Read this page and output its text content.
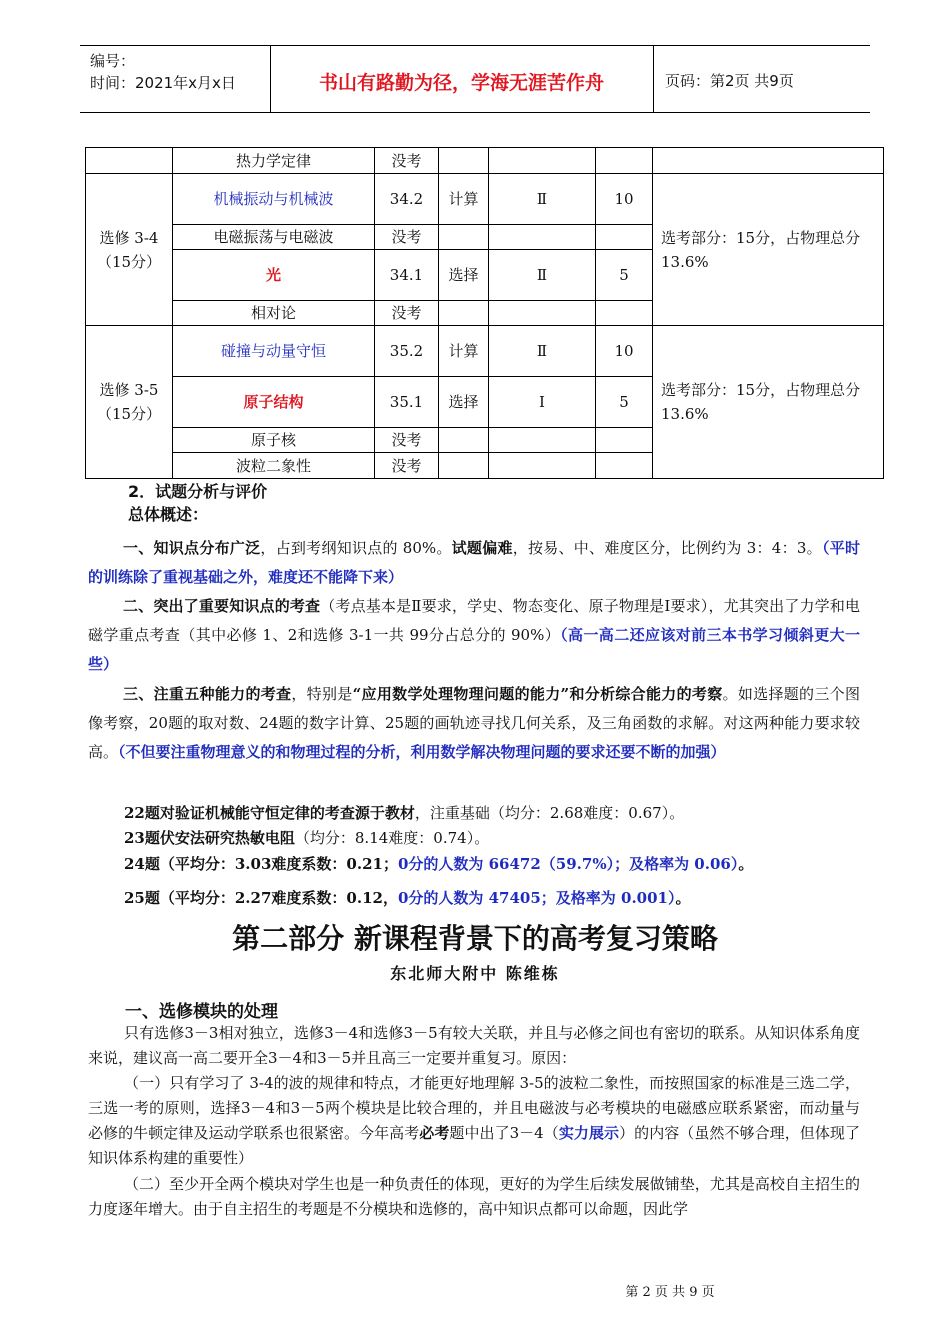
编号：
时间：2021年x月x日	书山有路勤为径，学海无涯苦作舟	页码：第2页 共9页
	热力学定律	没考				
选修 3-4（15分）	机械振动与机械波	34.2	计算	Ⅱ	10	选考部分：15分，占物理总分13.6%
	电磁振荡与电磁波	没考				
	光	34.1	选择	Ⅱ	5	
	相对论	没考				
选修 3-5（15分）	碰撞与动量守恒	35.2	计算	Ⅱ	10	选考部分：15分，占物理总分13.6%
	原子结构	35.1	选择	Ⅰ	5	
	原子核	没考				
	波粒二象性	没考				
2．试题分析与评价
总体概述：
一、知识点分布广泛，占到考纲知识点的 80%。试题偏难，按易、中、难度区分，比例约为 3：4：3。（平时的训练除了重视基础之外，难度还不能降下来）
二、突出了重要知识点的考查（考点基本是Ⅱ要求，学史、物态变化、原子物理是Ⅰ要求），尤其突出了力学和电磁学重点考查（其中必修 1、2和选修 3-1一共 99分占总分的 90%）（高一高二还应该对前三本书学习倾斜更大一些）
三、注重五种能力的考查，特别是“应用数学处理物理问题的能力”和分析综合能力的考察。如选择题的三个图像考察，20题的取对数、24题的数字计算、25题的画轨迹寻找几何关系，及三角函数的求解。对这两种能力要求较高。（不但要注重物理意义的和物理过程的分析，利用数学解决物理问题的要求还要不断的加强）
22题对验证机械能守恒定律的考查源于教材，注重基础（均分：2.68难度：0.67）。
23题伏安法研究热敏电阻（均分：8.14难度：0.74）。
24题（平均分：3.03难度系数：0.21；0分的人数为 66472（59.7%）；及格率为 0.06）。
25题（平均分：2.27难度系数：0.12，0分的人数为 47405；及格率为 0.001）。
第二部分 新课程背景下的高考复习策略
东北师大附中 陈维栋
一、选修模块的处理
只有选修3－3相对独立，选修3－4和选修3－5有较大关联，并且与必修之间也有密切的联系。从知识体系角度来说，建议高一高二要开全3－4和3－5并且高三一定要并重复习。原因：
（一）只有学习了 3-4的波的规律和特点，才能更好地理解 3-5的波粒二象性，而按照国家的标准是三选二学，三选一考的原则，选择3－4和3－5两个模块是比较合理的，并且电磁波与必考模块的电磁感应联系紧密，而动量与必修的牛顿定律及运动学联系也很紧密。今年高考必考题中出了3－4（实力展示）的内容（虽然不够合理，但体现了知识体系构建的重要性）
（二）至少开全两个模块对学生也是一种负责任的体现，更好的为学生后续发展做铺垫，尤其是高校自主招生的力度逐年增大。由于自主招生的考题是不分模块和选修的，高中知识点都可以命题，因此学
第 2 页 共 9 页
